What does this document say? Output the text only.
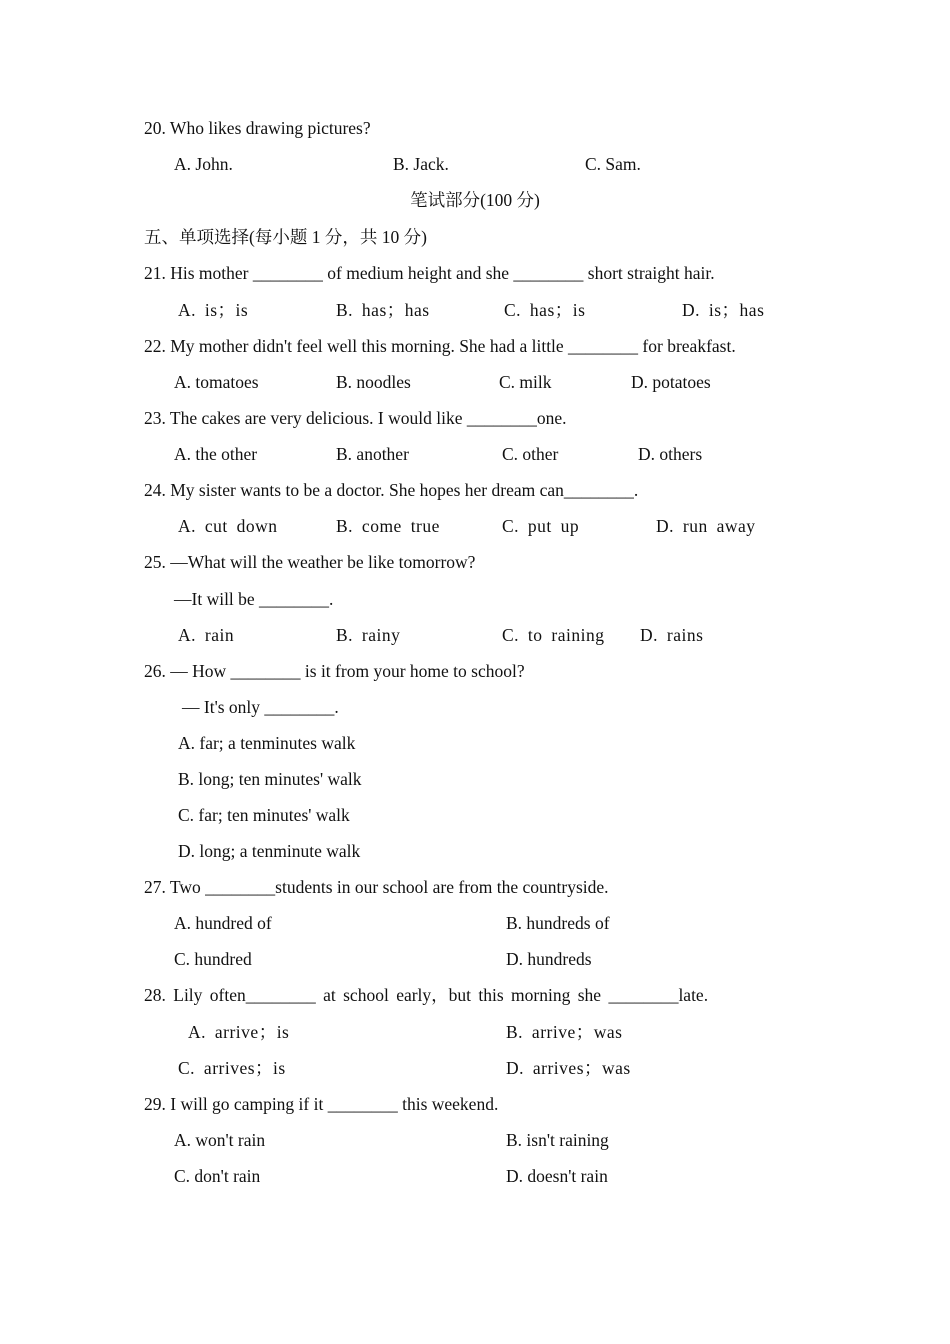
20. Who likes drawing pictures?
A. John.	B. Jack.	C. Sam.
笔试部分(100 分)
五、单项选择(每小题 1 分，共 10 分)
21. His mother ________ of medium height and she ________ short straight hair.
A. is；is	B. has；has	C. has；is	D. is；has
22. My mother didn't feel well this morning. She had a little ________ for breakfast.
A. tomatoes	B. noodles	C. milk	D. potatoes
23. The cakes are very delicious. I would like ________one.
A. the other	B. another	C. other	D. others
24. My sister wants to be a doctor. She hopes her dream can________.
A. cut down	B. come true	C. put up	D. run away
25. —What will the weather be like tomorrow?
—It will be ________.
A. rain	B. rainy	C. to raining D. rains
26. — How ________ is it from your home to school?
— It's only ________.
A. far; a tenminutes walk
B. long; ten minutes' walk
C. far; ten minutes' walk
D. long; a tenminute walk
27. Two ________students in our school are from the countryside.
A. hundred of	B. hundreds of
C. hundred	D. hundreds
28. Lily often________ at school early，but this morning she ________late.
A. arrive；is	B. arrive；was
C. arrives；is	D. arrives；was
29. I will go camping if it ________ this weekend.
A. won't rain	B. isn't raining
C. don't rain	D. doesn't rain
